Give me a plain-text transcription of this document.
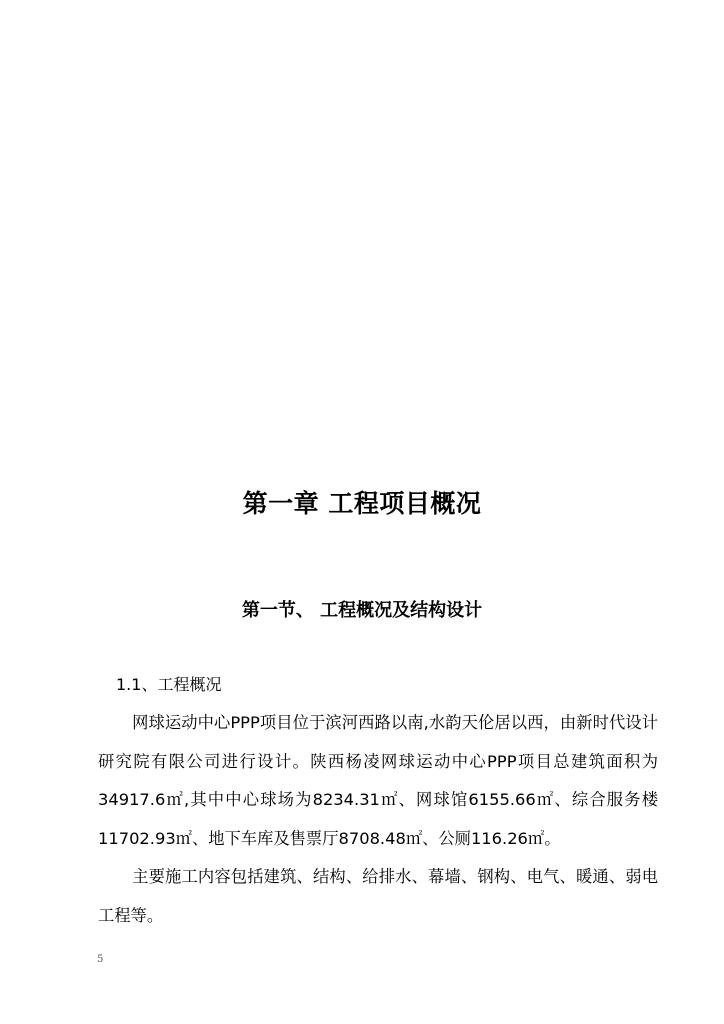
第一章 工程项目概况
第一节、 工程概况及结构设计
1.1、工程概况
网球运动中心PPP项目位于滨河西路以南,水韵天伦居以西，由新时代设计研究院有限公司进行设计。陕西杨凌网球运动中心PPP项目总建筑面积为34917.6㎡,其中中心球场为8234.31㎡、网球馆6155.66㎡、综合服务楼11702.93㎡、地下车库及售票厅8708.48㎡、公厕116.26㎡。
主要施工内容包括建筑、结构、给排水、幕墙、钢构、电气、暖通、弱电工程等。
5
